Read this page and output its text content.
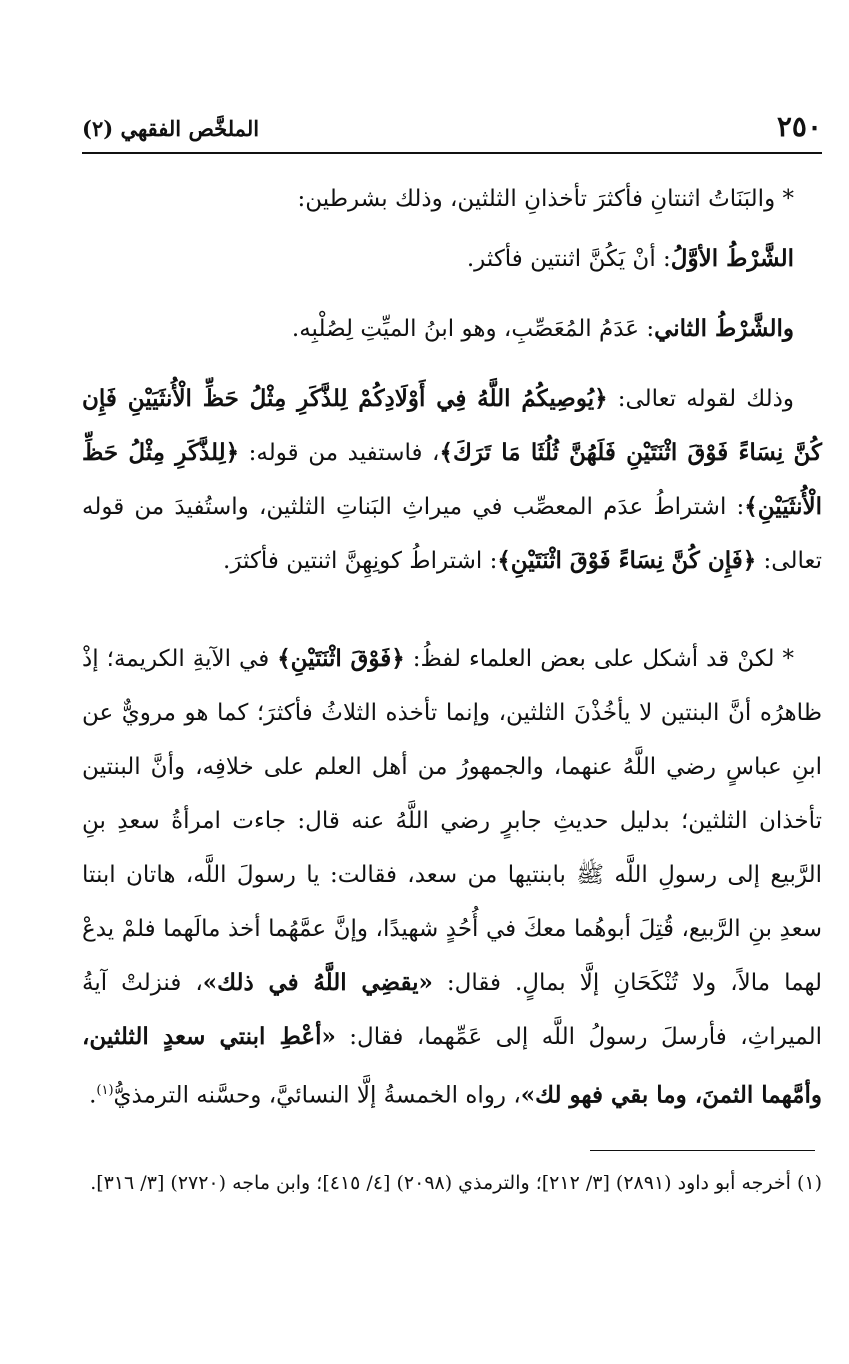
٢٥٠
الملخَّص الفقهي (٢)
* والبَنَاتُ اثنتانِ فأكثرَ تأخذانِ الثلثين، وذلك بشرطين:
الشَّرْطُ الأوَّلُ: أنْ يَكُنَّ اثنتين فأكثر.
والشَّرْطُ الثاني: عَدَمُ المُعَصِّبِ، وهو ابنُ الميِّتِ لِصُلْبِه.
وذلك لقوله تعالى: ﴿يُوصِيكُمُ اللَّهُ فِي أَوْلَادِكُمْ لِلذَّكَرِ مِثْلُ حَظِّ الْأُنثَيَيْنِ فَإِن كُنَّ نِسَاءً فَوْقَ اثْنَتَيْنِ فَلَهُنَّ ثُلُثَا مَا تَرَكَ﴾، فاستفيد من قوله: ﴿لِلذَّكَرِ مِثْلُ حَظِّ الْأُنثَيَيْنِ﴾: اشتراطُ عدَم المعصِّب في ميراثِ البَناتِ الثلثين، واستُفيدَ من قوله تعالى: ﴿فَإِن كُنَّ نِسَاءً فَوْقَ اثْنَتَيْنِ﴾: اشتراطُ كونِهِنَّ اثنتين فأكثرَ.
* لكنْ قد أشكل على بعض العلماء لفظُ: ﴿فَوْقَ اثْنَتَيْنِ﴾ في الآيةِ الكريمة؛ إذْ ظاهرُه أنَّ البنتين لا يأخُذْنَ الثلثين، وإنما تأخذه الثلاثُ فأكثرَ؛ كما هو مرويٌّ عن ابنِ عباسٍ رضي اللَّهُ عنهما، والجمهورُ من أهل العلم على خلافِه، وأنَّ البنتين تأخذان الثلثين؛ بدليل حديثِ جابرٍ رضي اللَّهُ عنه قال: جاءت امرأةُ سعدِ بنِ الرَّبيع إلى رسولِ اللَّه ﷺ بابنتيها من سعد، فقالت: يا رسولَ اللَّه، هاتان ابنتا سعدِ بنِ الرَّبيع، قُتِلَ أبوهُما معكَ في أُحُدٍ شهيدًا، وإنَّ عمَّهُما أخذ مالَهما فلمْ يدعْ لهما مالاً، ولا تُنْكَحَانِ إلَّا بمالٍ. فقال: «يقضِي اللَّهُ في ذلك»، فنزلتْ آيةُ الميراثِ، فأرسلَ رسولُ اللَّه إلى عَمِّهما، فقال: «أعْطِ ابنتي سعدٍ الثلثين، وأمَّهما الثمنَ، وما بقي فهو لك»، رواه الخمسةُ إلَّا النسائيَّ، وحسَّنه الترمذيُّ$^{(١)}$.
(١) أخرجه أبو داود (٢٨٩١) [٣/ ٢١٢]؛ والترمذي (٢٠٩٨) [٤/ ٤١٥]؛ وابن ماجه (٢٧٢٠) [٣/ ٣١٦].
